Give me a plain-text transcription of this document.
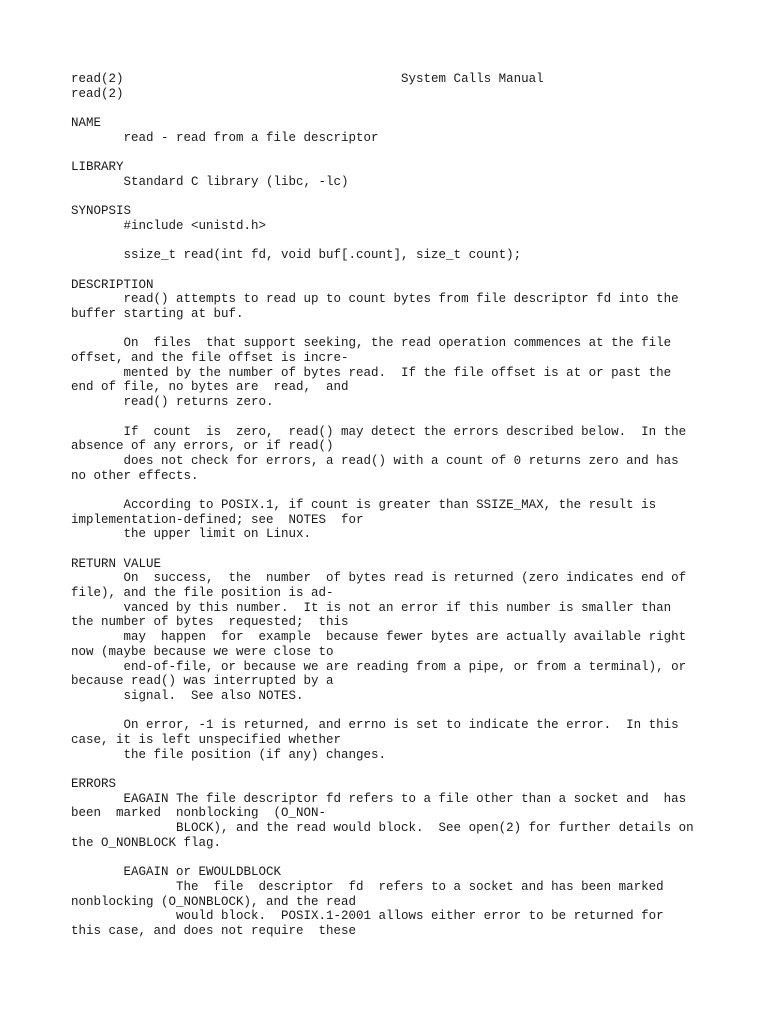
read(2)                                     System Calls Manual
read(2)
NAME
read - read from a file descriptor
LIBRARY
Standard C library (libc, -lc)
SYNOPSIS
#include <unistd.h>
ssize_t read(int fd, void buf[.count], size_t count);
DESCRIPTION
read() attempts to read up to count bytes from file descriptor fd into the
buffer starting at buf.
On  files  that support seeking, the read operation commences at the file
offset, and the file offset is incre-
mented by the number of bytes read.  If the file offset is at or past the
end of file, no bytes are  read,  and
read() returns zero.
If  count  is  zero,  read() may detect the errors described below.  In the
absence of any errors, or if read()
does not check for errors, a read() with a count of 0 returns zero and has
no other effects.
According to POSIX.1, if count is greater than SSIZE_MAX, the result is
implementation-defined; see  NOTES  for
the upper limit on Linux.
RETURN VALUE
On  success,  the  number  of bytes read is returned (zero indicates end of
file), and the file position is ad-
vanced by this number.  It is not an error if this number is smaller than
the number of bytes  requested;  this
may  happen  for  example  because fewer bytes are actually available right
now (maybe because we were close to
end-of-file, or because we are reading from a pipe, or from a terminal), or
because read() was interrupted by a
signal.  See also NOTES.
On error, -1 is returned, and errno is set to indicate the error.  In this
case, it is left unspecified whether
the file position (if any) changes.
ERRORS
EAGAIN The file descriptor fd refers to a file other than a socket and  has
been  marked  nonblocking  (O_NON-
BLOCK), and the read would block.  See open(2) for further details on
the O_NONBLOCK flag.
EAGAIN or EWOULDBLOCK
The  file  descriptor  fd  refers to a socket and has been marked
nonblocking (O_NONBLOCK), and the read
would block.  POSIX.1-2001 allows either error to be returned for
this case, and does not require  these
